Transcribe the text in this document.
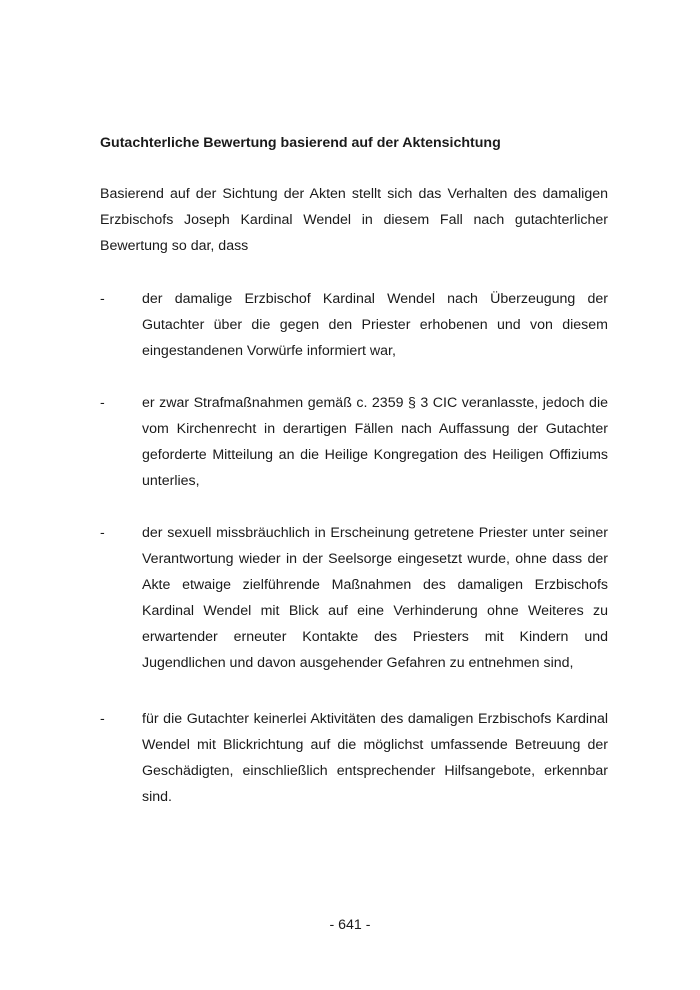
Gutachterliche Bewertung basierend auf der Aktensichtung
Basierend auf der Sichtung der Akten stellt sich das Verhalten des damaligen Erzbischofs Joseph Kardinal Wendel in diesem Fall nach gutachterlicher Bewertung so dar, dass
-	der damalige Erzbischof Kardinal Wendel nach Überzeugung der Gutachter über die gegen den Priester erhobenen und von diesem eingestandenen Vorwürfe informiert war,
-	er zwar Strafmaßnahmen gemäß c. 2359 § 3 CIC veranlasste, jedoch die vom Kirchenrecht in derartigen Fällen nach Auffassung der Gutachter geforderte Mitteilung an die Heilige Kongregation des Heiligen Offiziums unterlies,
-	der sexuell missbräuchlich in Erscheinung getretene Priester unter seiner Verantwortung wieder in der Seelsorge eingesetzt wurde, ohne dass der Akte etwaige zielführende Maßnahmen des damaligen Erzbischofs Kardinal Wendel mit Blick auf eine Verhinderung ohne Weiteres zu erwartender erneuter Kontakte des Priesters mit Kindern und Jugendlichen und davon ausgehender Gefahren zu entnehmen sind,
-	für die Gutachter keinerlei Aktivitäten des damaligen Erzbischofs Kardinal Wendel mit Blickrichtung auf die möglichst umfassende Betreuung der Geschädigten, einschließlich entsprechender Hilfsangebote, erkennbar sind.
- 641 -
